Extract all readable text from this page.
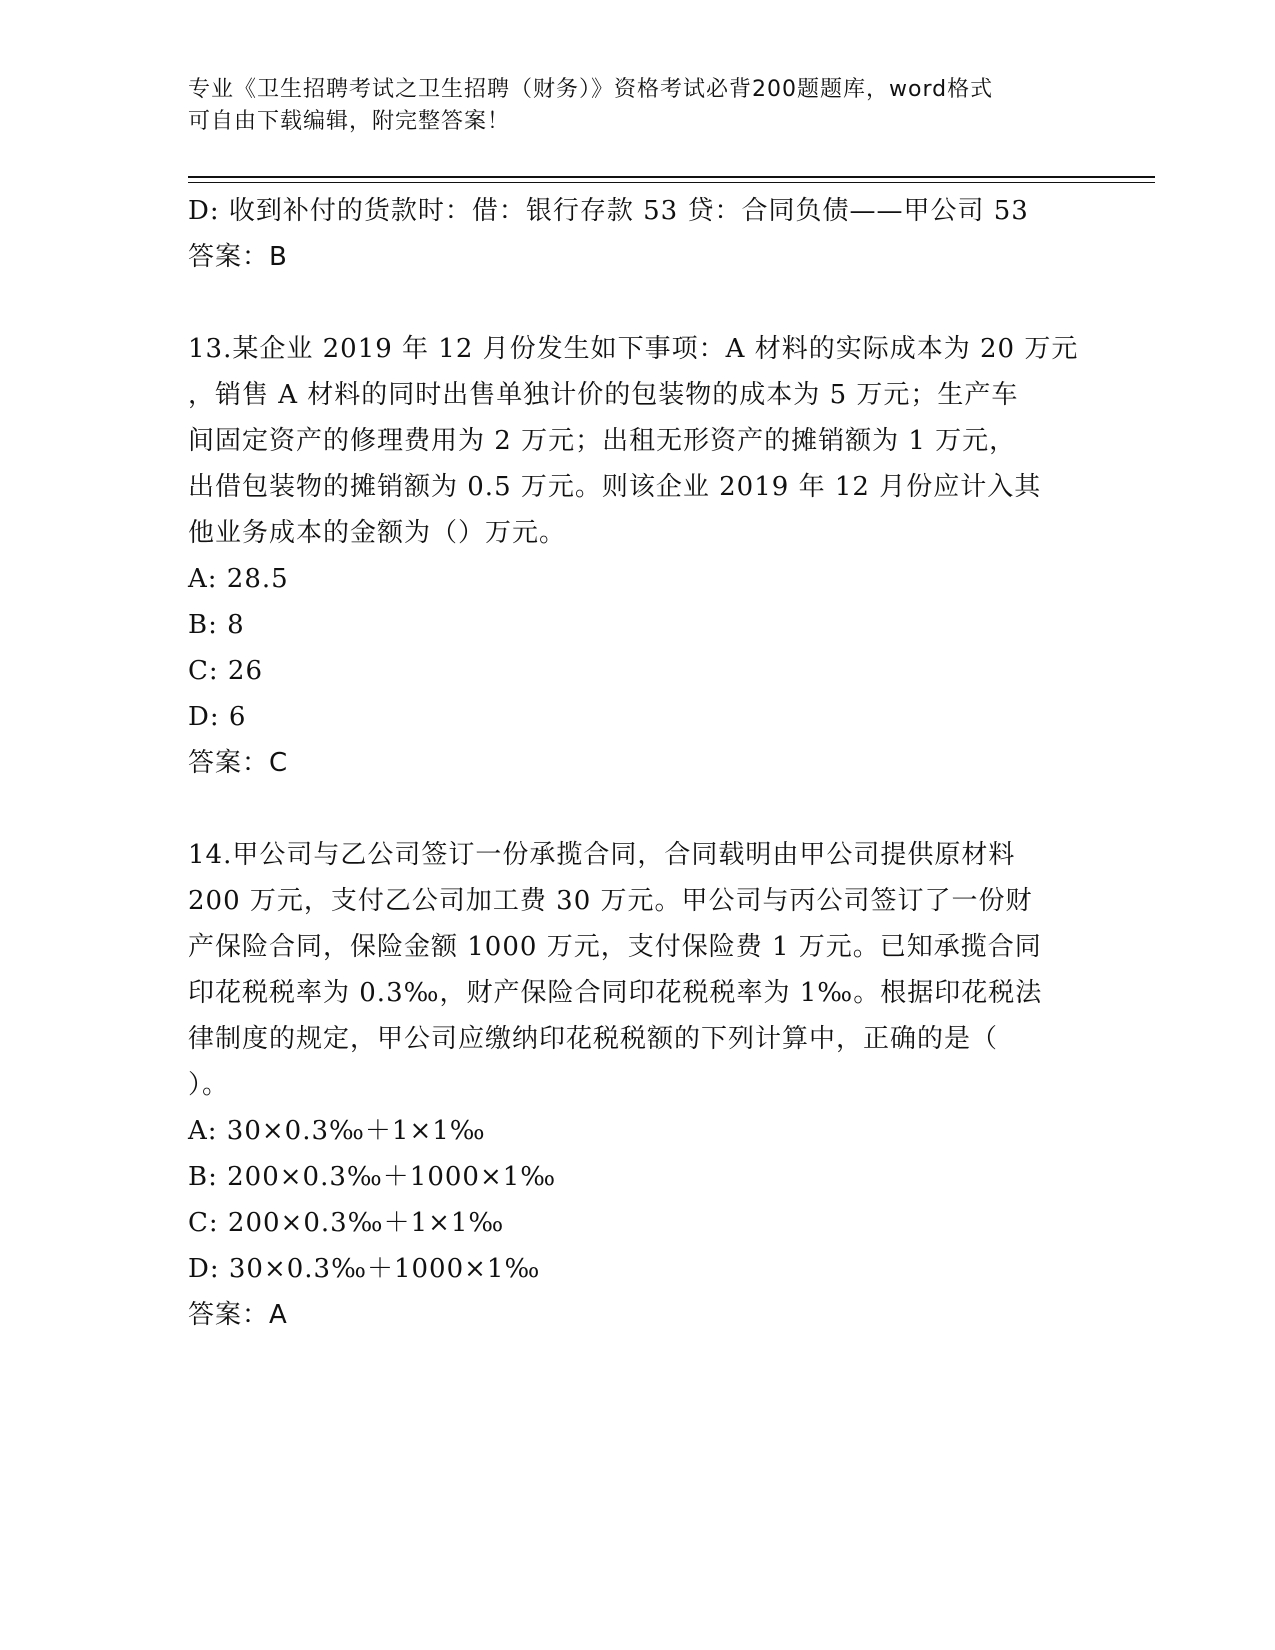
专业《卫生招聘考试之卫生招聘（财务）》资格考试必背200题题库，word格式
可自由下载编辑，附完整答案！
D: 收到补付的货款时：借：银行存款 53 贷：合同负债——甲公司 53
答案：B
13.某企业 2019 年 12 月份发生如下事项：A 材料的实际成本为 20 万元
，销售 A 材料的同时出售单独计价的包装物的成本为 5 万元；生产车
间固定资产的修理费用为 2 万元；出租无形资产的摊销额为 1 万元，
出借包装物的摊销额为 0.5 万元。则该企业 2019 年 12 月份应计入其
他业务成本的金额为（）万元。
A: 28.5
B: 8
C: 26
D: 6
答案：C
14.甲公司与乙公司签订一份承揽合同，合同载明由甲公司提供原材料
200 万元，支付乙公司加工费 30 万元。甲公司与丙公司签订了一份财
产保险合同，保险金额 1000 万元，支付保险费 1 万元。已知承揽合同
印花税税率为 0.3‰，财产保险合同印花税税率为 1‰。根据印花税法
律制度的规定，甲公司应缴纳印花税税额的下列计算中，正确的是（
）。
A: 30×0.3‰＋1×1‰
B: 200×0.3‰＋1000×1‰
C: 200×0.3‰＋1×1‰
D: 30×0.3‰＋1000×1‰
答案：A
